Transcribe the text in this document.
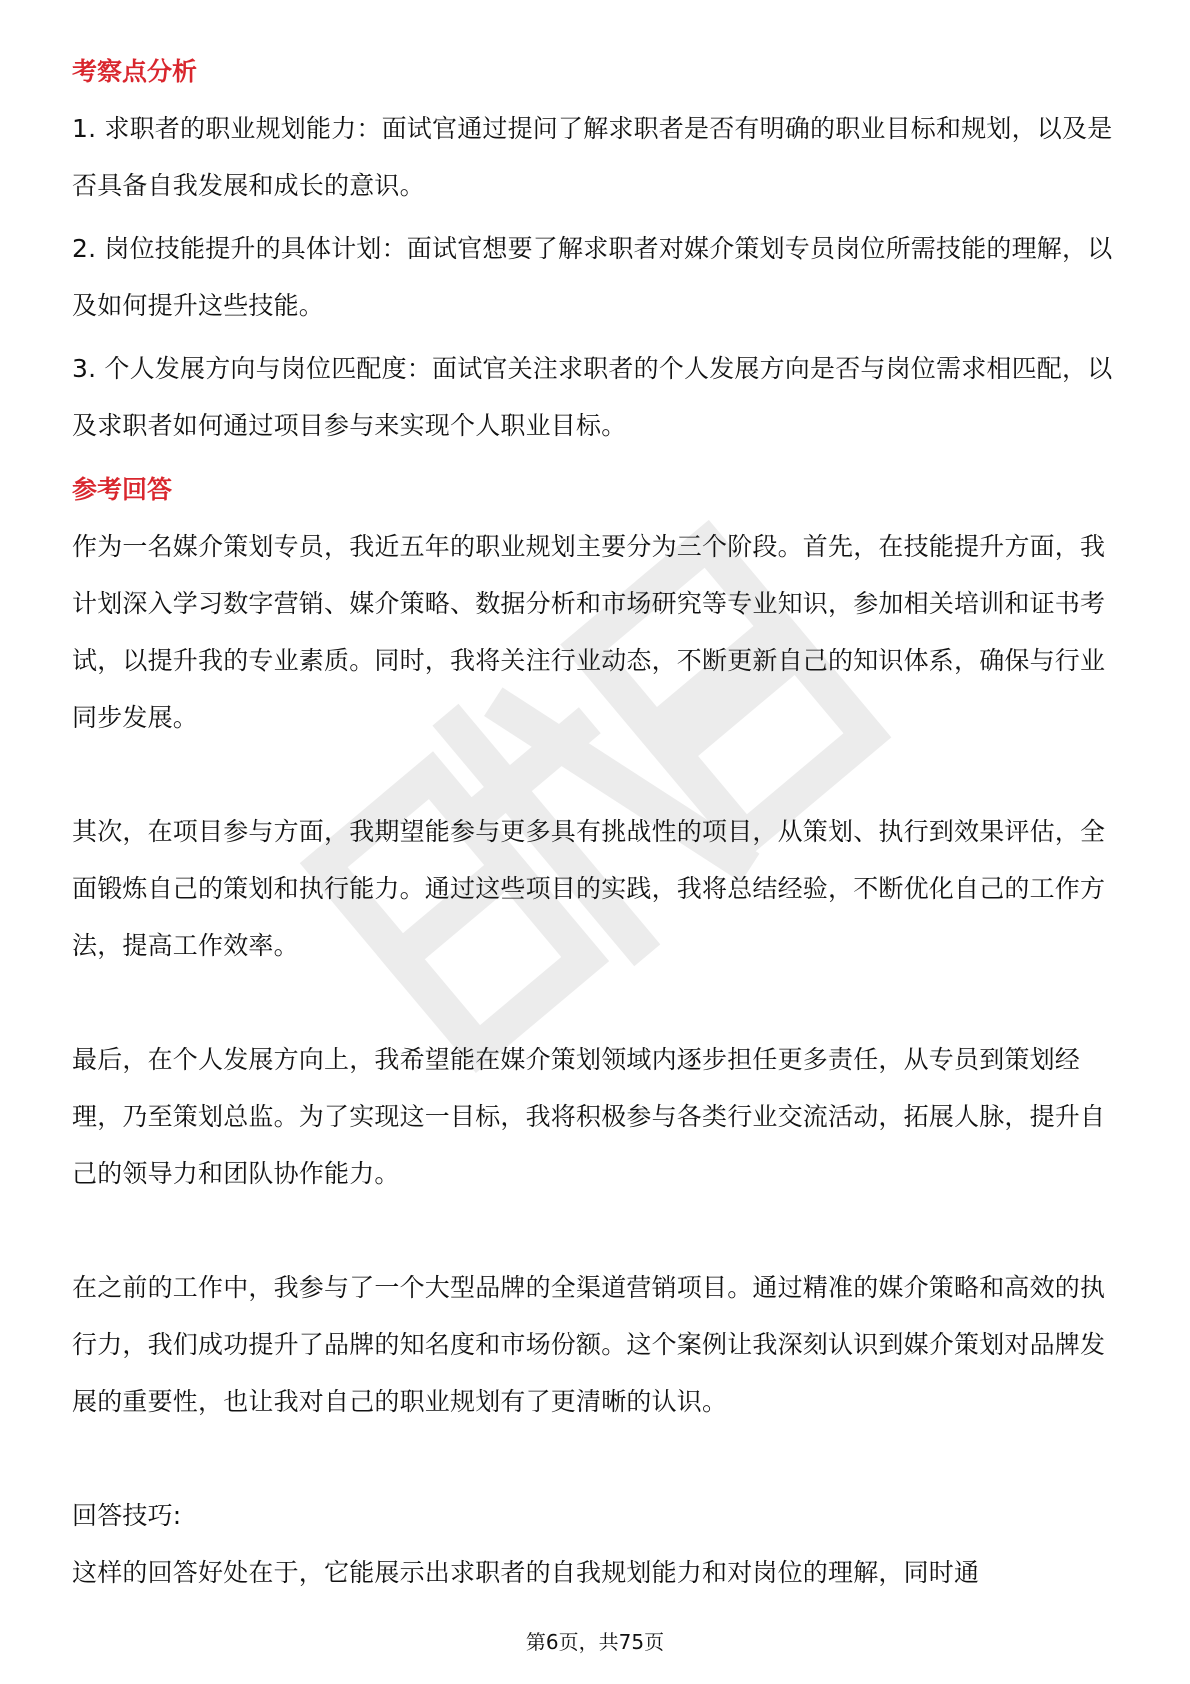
考察点分析

1. 求职者的职业规划能力：面试官通过提问了解求职者是否有明确的职业目标和规划，以及是否具备自我发展和成长的意识。

2. 岗位技能提升的具体计划：面试官想要了解求职者对媒介策划专员岗位所需技能的理解，以及如何提升这些技能。

3. 个人发展方向与岗位匹配度：面试官关注求职者的个人发展方向是否与岗位需求相匹配，以及求职者如何通过项目参与来实现个人职业目标。

参考回答

作为一名媒介策划专员，我近五年的职业规划主要分为三个阶段。首先，在技能提升方面，我计划深入学习数字营销、媒介策略、数据分析和市场研究等专业知识，参加相关培训和证书考试，以提升我的专业素质。同时，我将关注行业动态，不断更新自己的知识体系，确保与行业同步发展。

其次，在项目参与方面，我期望能参与更多具有挑战性的项目，从策划、执行到效果评估，全面锻炼自己的策划和执行能力。通过这些项目的实践，我将总结经验，不断优化自己的工作方法，提高工作效率。

最后，在个人发展方向上，我希望能在媒介策划领域内逐步担任更多责任，从专员到策划经理，乃至策划总监。为了实现这一目标，我将积极参与各类行业交流活动，拓展人脉，提升自己的领导力和团队协作能力。

在之前的工作中，我参与了一个大型品牌的全渠道营销项目。通过精准的媒介策略和高效的执行力，我们成功提升了品牌的知名度和市场份额。这个案例让我深刻认识到媒介策划对品牌发展的重要性，也让我对自己的职业规划有了更清晰的认识。

回答技巧:

这样的回答好处在于，它能展示出求职者的自我规划能力和对岗位的理解，同时通

第6页，共75页
